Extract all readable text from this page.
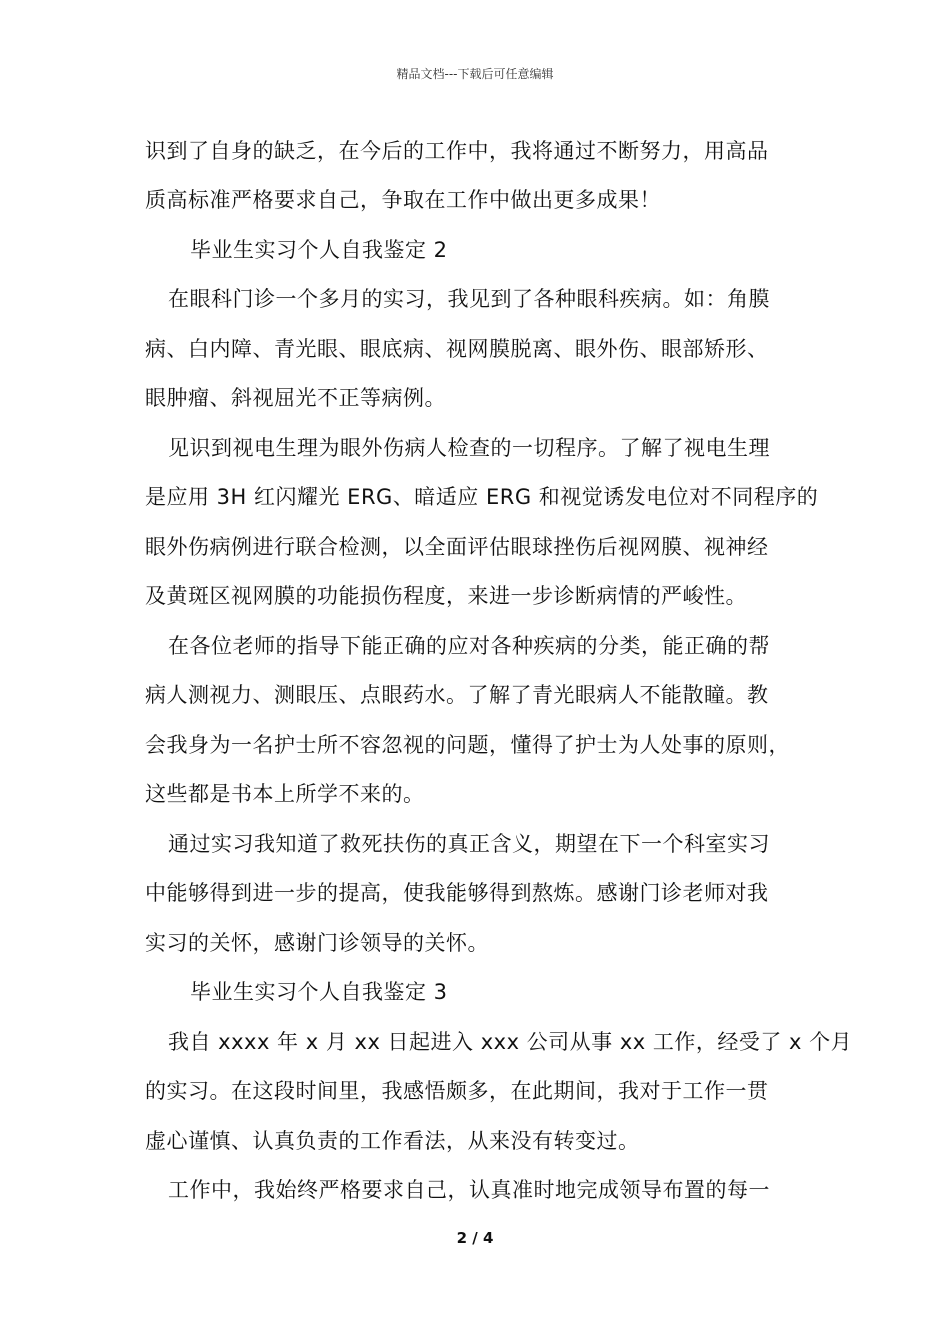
精品文档---下载后可任意编辑
识到了自身的缺乏，在今后的工作中，我将通过不断努力，用高品
质高标准严格要求自己，争取在工作中做出更多成果！
毕业生实习个人自我鉴定 2
在眼科门诊一个多月的实习，我见到了各种眼科疾病。如：角膜
病、白内障、青光眼、眼底病、视网膜脱离、眼外伤、眼部矫形、
眼肿瘤、斜视屈光不正等病例。
见识到视电生理为眼外伤病人检查的一切程序。了解了视电生理
是应用 3H 红闪耀光 ERG、暗适应 ERG 和视觉诱发电位对不同程序的
眼外伤病例进行联合检测，以全面评估眼球挫伤后视网膜、视神经
及黄斑区视网膜的功能损伤程度，来进一步诊断病情的严峻性。
在各位老师的指导下能正确的应对各种疾病的分类，能正确的帮
病人测视力、测眼压、点眼药水。了解了青光眼病人不能散瞳。教
会我身为一名护士所不容忽视的问题，懂得了护士为人处事的原则，
这些都是书本上所学不来的。
通过实习我知道了救死扶伤的真正含义，期望在下一个科室实习
中能够得到进一步的提高，使我能够得到熬炼。感谢门诊老师对我
实习的关怀，感谢门诊领导的关怀。
毕业生实习个人自我鉴定 3
我自 xxxx 年 x 月 xx 日起进入 xxx 公司从事 xx 工作，经受了 x 个月
的实习。在这段时间里，我感悟颇多，在此期间，我对于工作一贯
虚心谨慎、认真负责的工作看法，从来没有转变过。
工作中，我始终严格要求自己，认真准时地完成领导布置的每一
2 / 4
